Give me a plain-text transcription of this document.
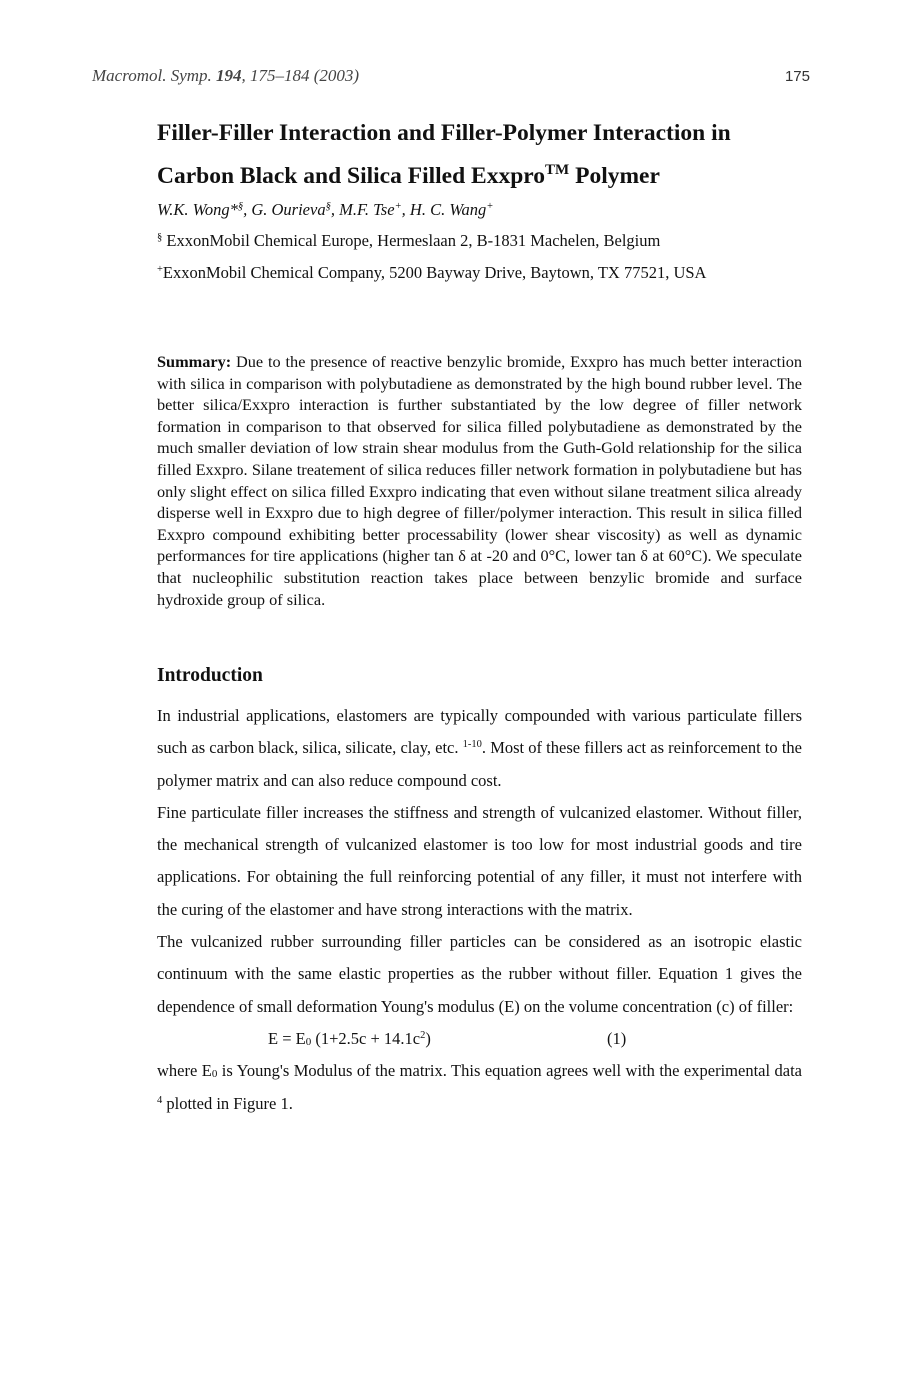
Macromol. Symp. 194, 175–184 (2003)	175
Filler-Filler Interaction and Filler-Polymer Interaction in
Carbon Black and Silica Filled Exxpro™ Polymer
W.K. Wong*§, G. Ourieva§, M.F. Tse+, H. C. Wang+
§ ExxonMobil Chemical Europe, Hermeslaan 2, B-1831 Machelen, Belgium
+ExxonMobil Chemical Company, 5200 Bayway Drive, Baytown, TX 77521, USA
Summary: Due to the presence of reactive benzylic bromide, Exxpro has much better interaction with silica in comparison with polybutadiene as demonstrated by the high bound rubber level. The better silica/Exxpro interaction is further substantiated by the low degree of filler network formation in comparison to that observed for silica filled polybutadiene as demonstrated by the much smaller deviation of low strain shear modulus from the Guth-Gold relationship for the silica filled Exxpro. Silane treatement of silica reduces filler network formation in polybutadiene but has only slight effect on silica filled Exxpro indicating that even without silane treatment silica already disperse well in Exxpro due to high degree of filler/polymer interaction. This result in silica filled Exxpro compound exhibiting better processability (lower shear viscosity) as well as dynamic performances for tire applications (higher tan δ at -20 and 0°C, lower tan δ at 60°C). We speculate that nucleophilic substitution reaction takes place between benzylic bromide and surface hydroxide group of silica.
Introduction

In industrial applications, elastomers are typically compounded with various particulate fillers such as carbon black, silica, silicate, clay, etc. $^{1-10}$. Most of these fillers act as reinforcement to the polymer matrix and can also reduce compound cost.

Fine particulate filler increases the stiffness and strength of vulcanized elastomer. Without filler, the mechanical strength of vulcanized elastomer is too low for most industrial goods and tire applications. For obtaining the full reinforcing potential of any filler, it must not interfere with the curing of the elastomer and have strong interactions with the matrix.

The vulcanized rubber surrounding filler particles can be considered as an isotropic elastic continuum with the same elastic properties as the rubber without filler. Equation 1 gives the dependence of small deformation Young's modulus (E) on the volume concentration (c) of filler:

$E = E_0$ $(1+2.5c + 14.1c^2)$	(1)

where $E_0$ is Young's Modulus of the matrix. This equation agrees well with the experimental data $^4$ plotted in Figure 1.
